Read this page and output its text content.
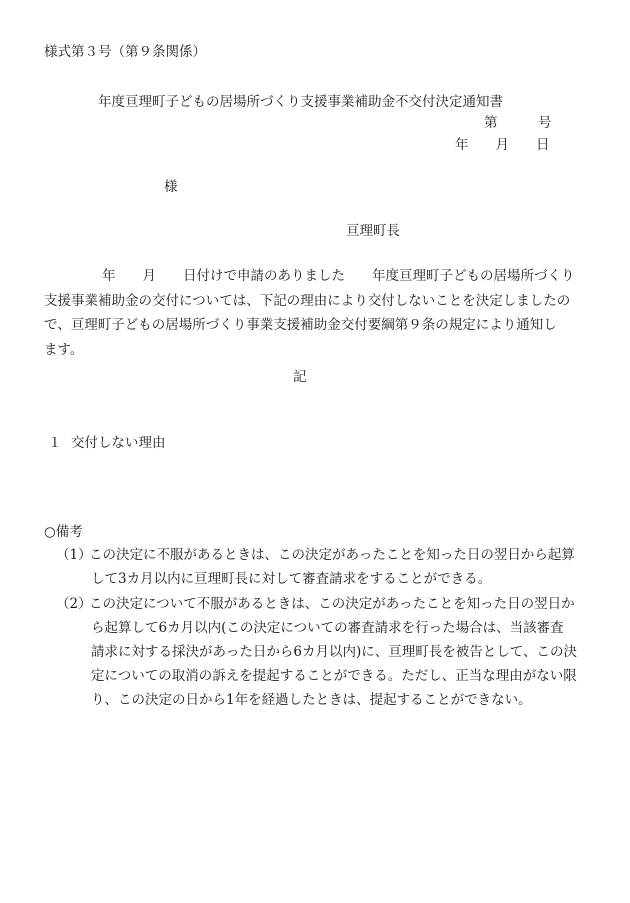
様式第３号（第９条関係）
年度亘理町子どもの居場所づくり支援事業補助金不交付決定通知書
第　　　号
年　　月　　日
様
亘理町長
年　　月　　日付けで申請のありました　　年度亘理町子どもの居場所づくり
支援事業補助金の交付については、下記の理由により交付しないことを決定しましたの
で、亘理町子どもの居場所づくり事業支援補助金交付要綱第９条の規定により通知し
ます。
記
１ 交付しない理由
○備考
（1）
この決定に不服があるときは、この決定があったことを知った日の翌日から起算
して3カ月以内に亘理町長に対して審査請求をすることができる。
（2）
この決定について不服があるときは、この決定があったことを知った日の翌日か
ら起算して6カ月以内(この決定についての審査請求を行った場合は、当該審査
請求に対する採決があった日から6カ月以内)に、亘理町長を被告として、この決
定についての取消の訴えを提起することができる。ただし、正当な理由がない限
り、この決定の日から1年を経過したときは、提起することができない。
